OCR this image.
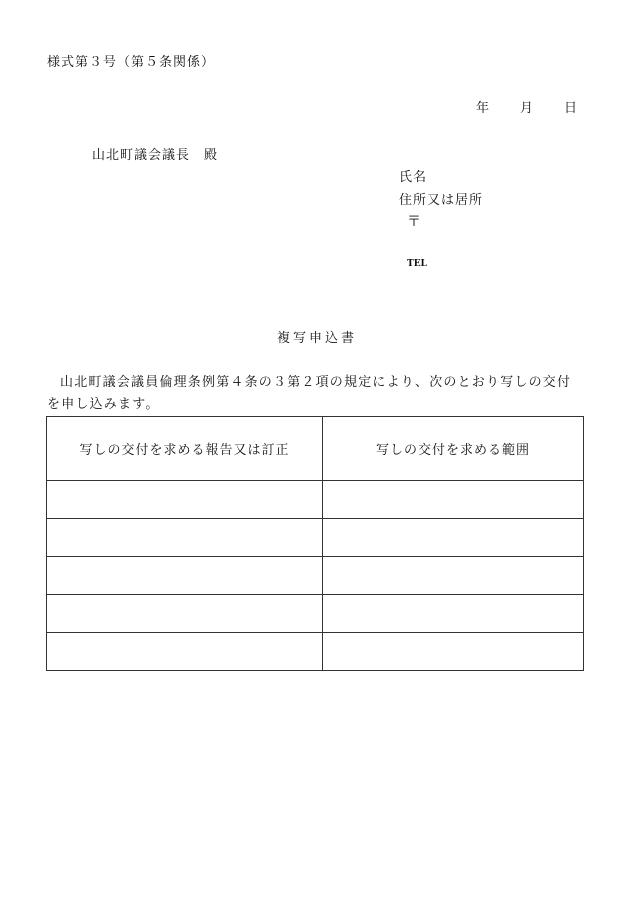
様式第３号（第５条関係）
年 月 日
山北町議会議長　殿
氏名
住所又は居所
〒
TEL
複写申込書
山北町議会議員倫理条例第４条の３第２項の規定により、次のとおり写しの交付を申し込みます。
写しの交付を求める報告又は訂正	写しの交付を求める範囲
